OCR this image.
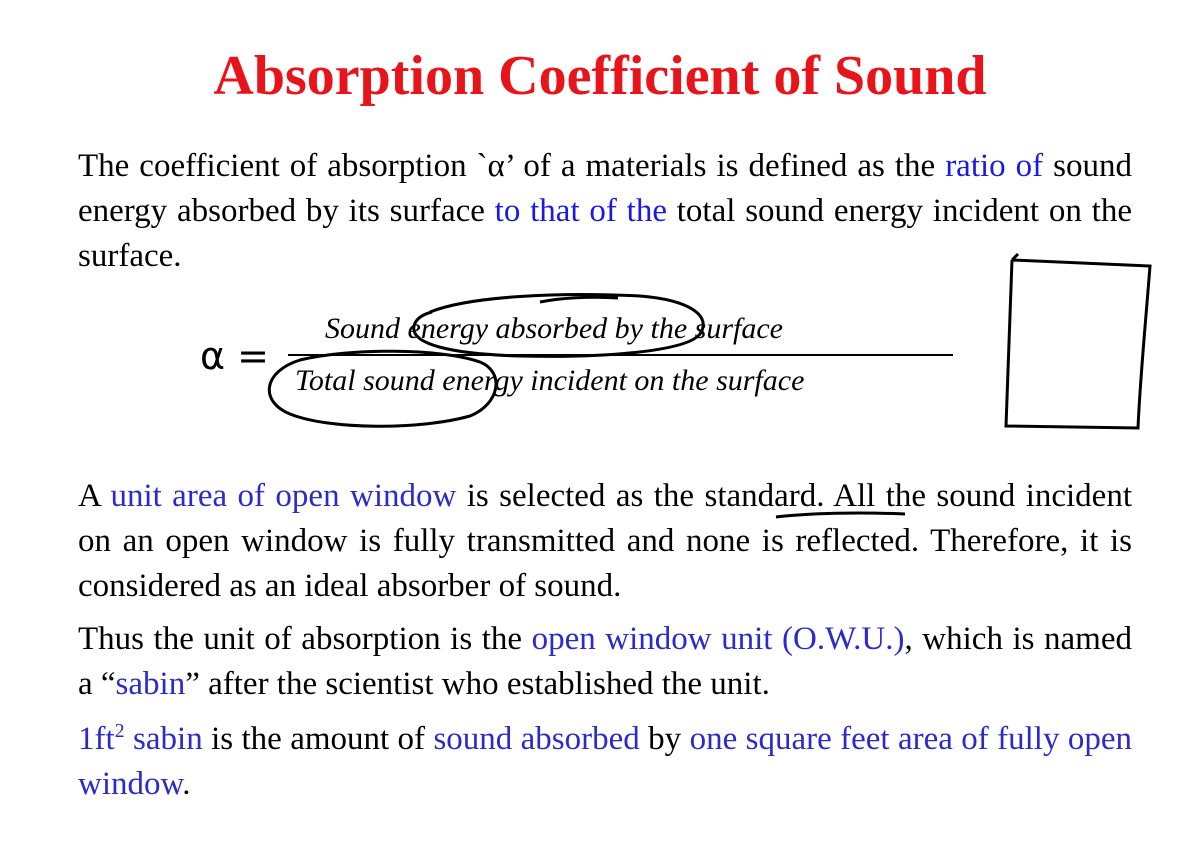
Absorption Coefficient of Sound
The coefficient of absorption `α’ of a materials is defined as the ratio of sound energy absorbed by its surface to that of the total sound energy incident on the surface.
α =
Sound energy absorbed by the surface
Total sound energy incident on the surface
A unit area of open window is selected as the standard. All the sound incident on an open window is fully transmitted and none is reflected. Therefore, it is considered as an ideal absorber of sound.
Thus the unit of absorption is the open window unit (O.W.U.), which is named a “sabin” after the scientist who established the unit.
$1ft^2$ sabin is the amount of sound absorbed by one square feet area of fully open window.
